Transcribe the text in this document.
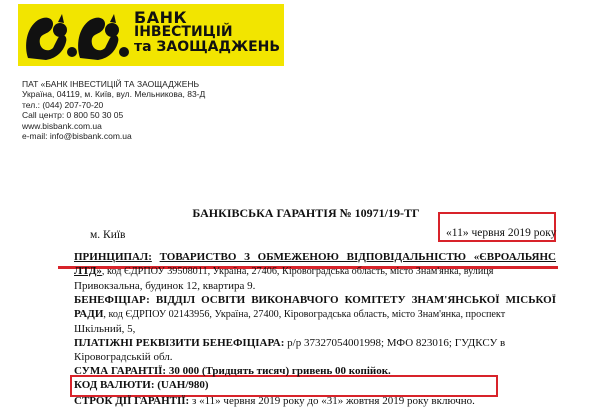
БАНК
ІНВЕСТИЦІЙ
та ЗАОЩАДЖЕНЬ
ПАТ «БАНК ІНВЕСТИЦІЙ ТА ЗАОЩАДЖЕНЬ
Україна, 04119, м. Київ, вул. Мельникова, 83-Д
тел.: (044) 207-70-20
Call центр: 0 800 50 30 05
www.bisbank.com.ua
e-mail: info@bisbank.com.ua
БАНКІВСЬКА ГАРАНТІЯ № 10971/19-ТГ
м. Київ	«11» червня 2019 року
ПРИНЦИПАЛ: ТОВАРИСТВО З ОБМЕЖЕНОЮ ВІДПОВІДАЛЬНІСТЮ «ЄВРОАЛЬЯНС
ЛТД», код ЄДРПОУ 39508011, Україна, 27406, Кіровоградська область, місто Знам'янка, вулиця
Привокзальна, будинок 12, квартира 9.
БЕНЕФІЦІАР: ВІДДІЛ ОСВІТИ ВИКОНАВЧОГО КОМІТЕТУ ЗНАМ'ЯНСЬКОЇ МІСЬКОЇ
РАДИ, код ЄДРПОУ 02143956, Україна, 27400, Кіровоградська область, місто Знам'янка, проспект
Шкільний, 5,
ПЛАТІЖНІ РЕКВІЗИТИ БЕНЕФІЦІАРА: р/р 37327054001998; МФО 823016; ГУДКСУ в
Кіровоградській обл.
СУМА ГАРАНТІЇ: 30 000 (Тридцять тисяч) гривень 00 копійок.
КОД ВАЛЮТИ: (UAH/980)
СТРОК ДІЇ ГАРАНТІЇ: з «11» червня 2019 року до «31» жовтня 2019 року включно.
